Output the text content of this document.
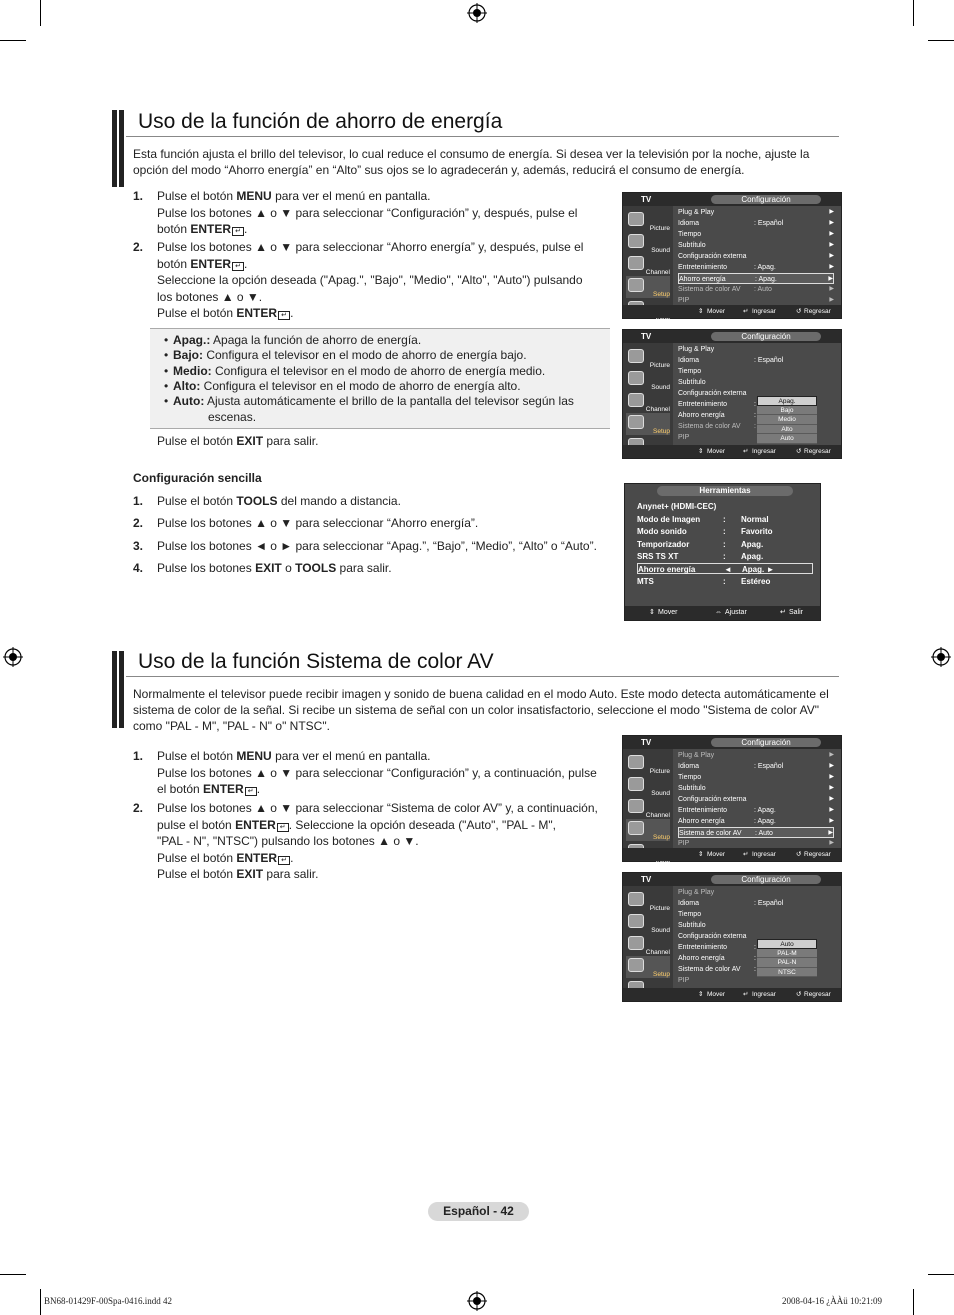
Uso de la función de ahorro de energía
Esta función ajusta el brillo del televisor, lo cual reduce el consumo de energía. Si desea ver la televisión por la noche, ajuste la opción del modo “Ahorro energía” en “Alto” sus ojos se lo agradecerán y, además, reducirá el consumo de energía.
1. Pulse el botón MENU para ver el menú en pantalla.
Pulse los botones ▲ o ▼ para seleccionar “Configuración” y, después, pulse el
botón ENTER ↵ .
2. Pulse los botones ▲ o ▼ para seleccionar “Ahorro energía” y, después, pulse el
botón ENTER ↵ .
Seleccione la opción deseada ("Apag.", "Bajo", "Medio", "Alto", "Auto") pulsando
los botones ▲ o ▼.
Pulse el botón ENTER ↵ .
• Apag.: Apaga la función de ahorro de energía.
• Bajo: Configura el televisor en el modo de ahorro de energía bajo.
• Medio: Configura el televisor en el modo de ahorro de energía medio.
• Alto: Configura el televisor en el modo de ahorro de energía alto.
• Auto: Ajusta automáticamente el brillo de la pantalla del televisor según las
escenas.
Pulse el botón EXIT para salir.
Configuración sencilla
1. Pulse el botón TOOLS del mando a distancia.
2. Pulse los botones ▲ o ▼ para seleccionar “Ahorro energía”.
3. Pulse los botones ◄ o ► para seleccionar “Apag.”, “Bajo”, “Medio”, “Alto” o “Auto”.
4. Pulse los botones EXIT o TOOLS para salir.
TV	Configuración
Picture
Sound
Channel
Setup
Plug & Play	▶
Idioma	: Español	▶
Tiempo	▶
Subtítulo	▶
Configuración externa	▶
Entretenimiento	: Apag.	▶
Ahorro energía	: Apag.	▶
Sistema de color AV : Auto	▶
PIP	▶
⇕ Mover	↵ Ingresar	↺ Regresar
TV	Configuración
Picture
Sound
Channel
Setup
Plug & Play
Idioma	: Español
Tiempo
Subtítulo
Configuración externa
Entretenimiento	:
Ahorro energía	:
Sistema de color AV :
PIP
Apag.
Bajo
Medio
Alto
Auto
⇕ Mover	↵ Ingresar	↺ Regresar
TV	Configuración
Picture
Sound
Channel
Setup
Plug & Play	▶
Idioma	: Español	▶
Tiempo	▶
Subtítulo	▶
Configuración externa	▶
Entretenimiento	: Apag.	▶
Ahorro energía	: Apag.	▶
Sistema de color AV : Auto	▶
PIP	▶
⇕ Mover	↵ Ingresar	↺ Regresar
TV	Configuración
Picture
Sound
Channel
Setup
Plug & Play
Idioma	: Español
Tiempo
Subtítulo
Configuración externa
Entretenimiento	:
Ahorro energía	:
Sistema de color AV :
PIP
Auto
PAL-M
PAL-N
NTSC
⇕ Mover	↵ Ingresar	↺ Regresar
Herramientas
Anynet+ (HDMI-CEC)
Modo de Imagen	: Normal
Modo sonido	: Favorito
Temporizador	: Apag.
SRS TS XT	: Apag.
Ahorro energía	◄ Apag. ►
MTS	: Estéreo
⇕ Mover	⇔ Ajustar	↵ Salir
Uso de la función Sistema de color AV
Normalmente el televisor puede recibir imagen y sonido de buena calidad en el modo Auto. Este modo detecta automáticamente el sistema de color de la señal. Si recibe un sistema de señal con un color insatisfactorio, seleccione el modo "Sistema de color AV" como "PAL - M", "PAL - N" o" NTSC".
1. Pulse el botón MENU para ver el menú en pantalla.
Pulse los botones ▲ o ▼ para seleccionar “Configuración” y, a continuación, pulse
el botón ENTER ↵ .
2. Pulse los botones ▲ o ▼ para seleccionar “Sistema de color AV” y, a continuación,
pulse el botón ENTER ↵ . Seleccione la opción deseada ("Auto", "PAL - M",
"PAL - N", "NTSC") pulsando los botones ▲ o ▼.
Pulse el botón ENTER ↵ .
Pulse el botón EXIT para salir.
Español - 42
BN68-01429F-00Spa-0416.indd 42	2008-04-16 ¿ÀÀü 10:21:09
